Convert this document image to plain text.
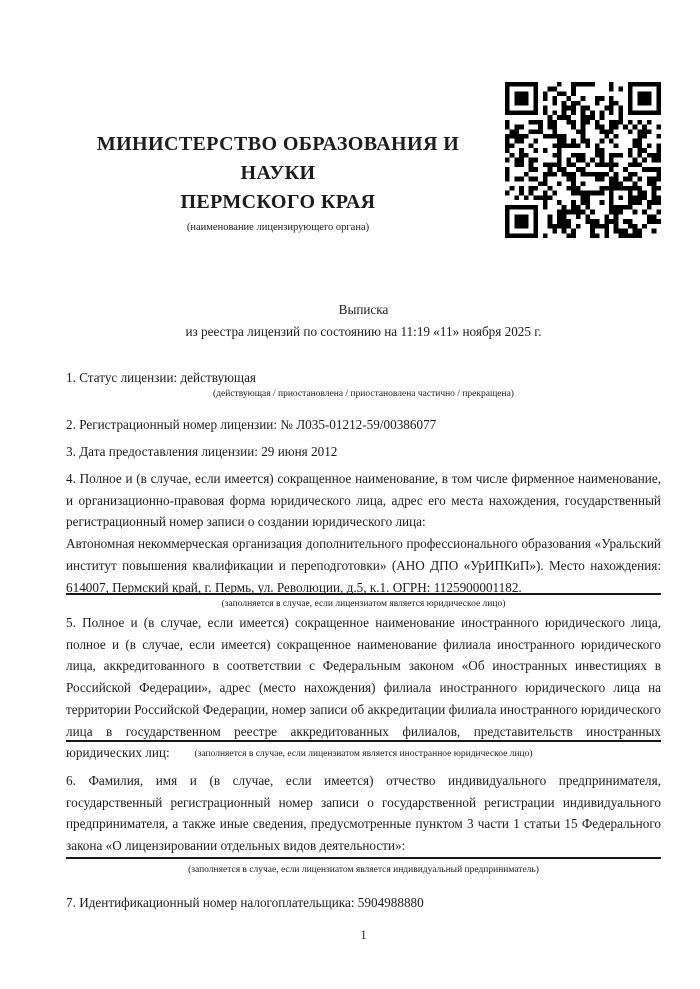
МИНИСТЕРСТВО ОБРАЗОВАНИЯ И НАУКИ
ПЕРМСКОГО КРАЯ
(наименование лицензирующего органа)
Выписка
из реестра лицензий по состоянию на 11:19 «11» ноября 2025 г.
1. Статус лицензии: действующая
(действующая / приостановлена / приостановлена частично / прекращена)
2. Регистрационный номер лицензии: № Л035-01212-59/00386077
3. Дата предоставления лицензии: 29 июня 2012

4. Полное и (в случае, если имеется) сокращенное наименование, в том числе фирменное наименование, и организационно-правовая форма юридического лица, адрес его места нахождения, государственный регистрационный номер записи о создании юридического лица:

Автономная некоммерческая организация дополнительного профессионального образования «Уральский институт повышения квалификации и переподготовки» (АНО ДПО «УрИПКиП»). Место нахождения: 614007, Пермский край, г. Пермь, ул. Революции, д.5, к.1. ОГРН: 1125900001182.

(заполняется в случае, если лицензиатом является юридическое лицо)

5. Полное и (в случае, если имеется) сокращенное наименование иностранного юридического лица, полное и (в случае, если имеется) сокращенное наименование филиала иностранного юридического лица, аккредитованного в соответствии с Федеральным законом «Об иностранных инвестициях в Российской Федерации», адрес (место нахождения) филиала иностранного юридического лица на территории Российской Федерации, номер записи об аккредитации филиала иностранного юридического лица в государственном реестре аккредитованных филиалов, представительств иностранных юридических лиц:	(заполняется в случае, если лицензиатом является иностранное юридическое лицо)

6. Фамилия, имя и (в случае, если имеется) отчество индивидуального предпринимателя, государственный регистрационный номер записи о государственной регистрации индивидуального предпринимателя, а также иные сведения, предусмотренные пунктом 3 части 1 статьи 15 Федерального закона «О лицензировании отдельных видов деятельности»:

(заполняется в случае, если лицензиатом является индивидуальный предприниматель)
7. Идентификационный номер налогоплательщика: 5904988880
1
